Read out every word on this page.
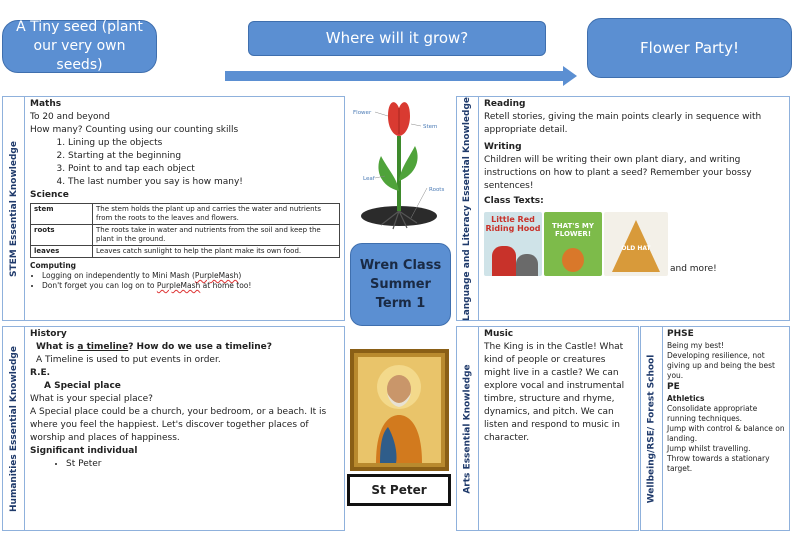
A Tiny seed (plant our very own seeds)
Where will it grow?
Flower Party!
STEM Essential Knowledge
Maths
To 20 and beyond
How many? Counting using our counting skills
1. Lining up the objects
2. Starting at the beginning
3. Point to and tap each object
4. The last number you say is how many!
Science
stem	The stem holds the plant up and carries the water and nutrients from the roots to the leaves and flowers.
roots	The roots take in water and nutrients from the soil and keep the plant in the ground.
leaves	Leaves catch sunlight to help the plant make its own food.
Computing
• Logging on independently to Mini Mash (PurpleMash)
• Don't forget you can log on to PurpleMash at home too!
Flower
Stem
Leaf
Roots
Wren Class
Summer
Term 1
St Peter
Language and Literacy Essential Knowledge Reading
Retell stories, giving the main points clearly in sequence with appropriate detail.
Writing
Children will be writing their own plant diary, and writing instructions on how to plant a seed? Remember your bossy sentences!
Class Texts:
Little Red Riding Hood	THAT'S MY FLOWER!
OLD HAT
and more!
Humanities Essential Knowledge
History
What is a timeline? How do we use a timeline?
A Timeline is used to put events in order.
R.E.
A Special place
What is your special place?
A Special place could be a church, your bedroom, or a beach. It is where you feel the happiest. Let's discover together places of worship and places of happiness.
Significant individual
• St Peter	Arts Essential Knowledge
Music
The King is in the Castle! What kind of people or creatures might live in a castle? We can explore vocal and instrumental timbre, structure and rhyme, dynamics, and pitch. We can listen and respond to music in character.	Wellbeing/RSE/ Forest School
PHSE
Being my best!
Developing resilience, not giving up and being the best you.
PE
Athletics
Consolidate appropriate running techniques.
Jump with control & balance on landing.
Jump whilst travelling.
Throw towards a stationary target.
